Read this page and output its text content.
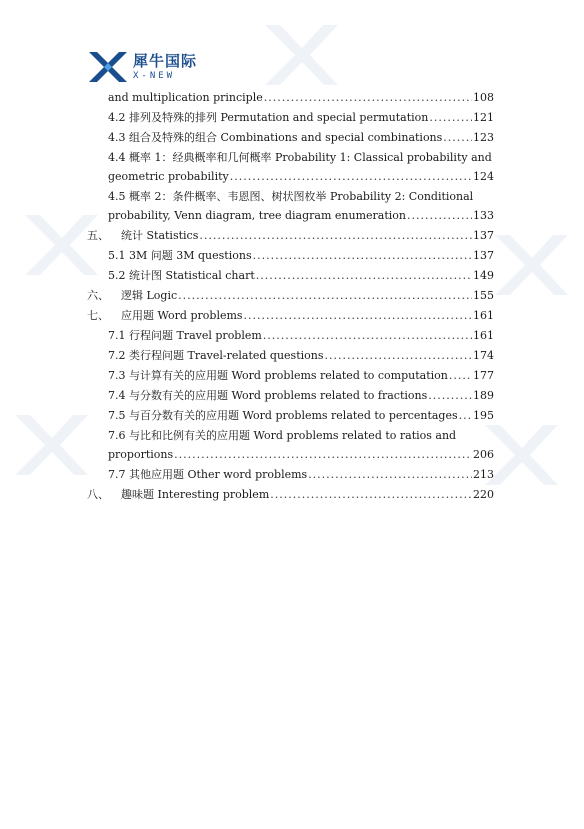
犀牛国际
X-NEW
and multiplication principle .....	108
4.2 排列及特殊的排列 Permutation and special permutation .....	121
4.3 组合及特殊的组合 Combinations and special combinations .....	123
4.4 概率 1：经典概率和几何概率 Probability 1: Classical probability and
geometric probability .....	124
4.5 概率 2：条件概率、韦恩图、树状图枚举 Probability 2: Conditional
probability, Venn diagram, tree diagram enumeration .....	133
五、 统计 Statistics .....	137
5.1 3M 问题 3M questions .....	137
5.2 统计图 Statistical chart .....	149
六、 逻辑 Logic .....	155
七、 应用题 Word problems .....	161
7.1 行程问题 Travel problem .....	161
7.2 类行程问题 Travel-related questions .....	174
7.3 与计算有关的应用题 Word problems related to computation ..... 177
7.4 与分数有关的应用题 Word problems related to fractions .....	189
7.5 与百分数有关的应用题 Word problems related to percentages ..... 195
7.6 与比和比例有关的应用题 Word problems related to ratios and
proportions .....	206
7.7 其他应用题 Other word problems .....	213
八、 趣味题 Interesting problem .....	220
